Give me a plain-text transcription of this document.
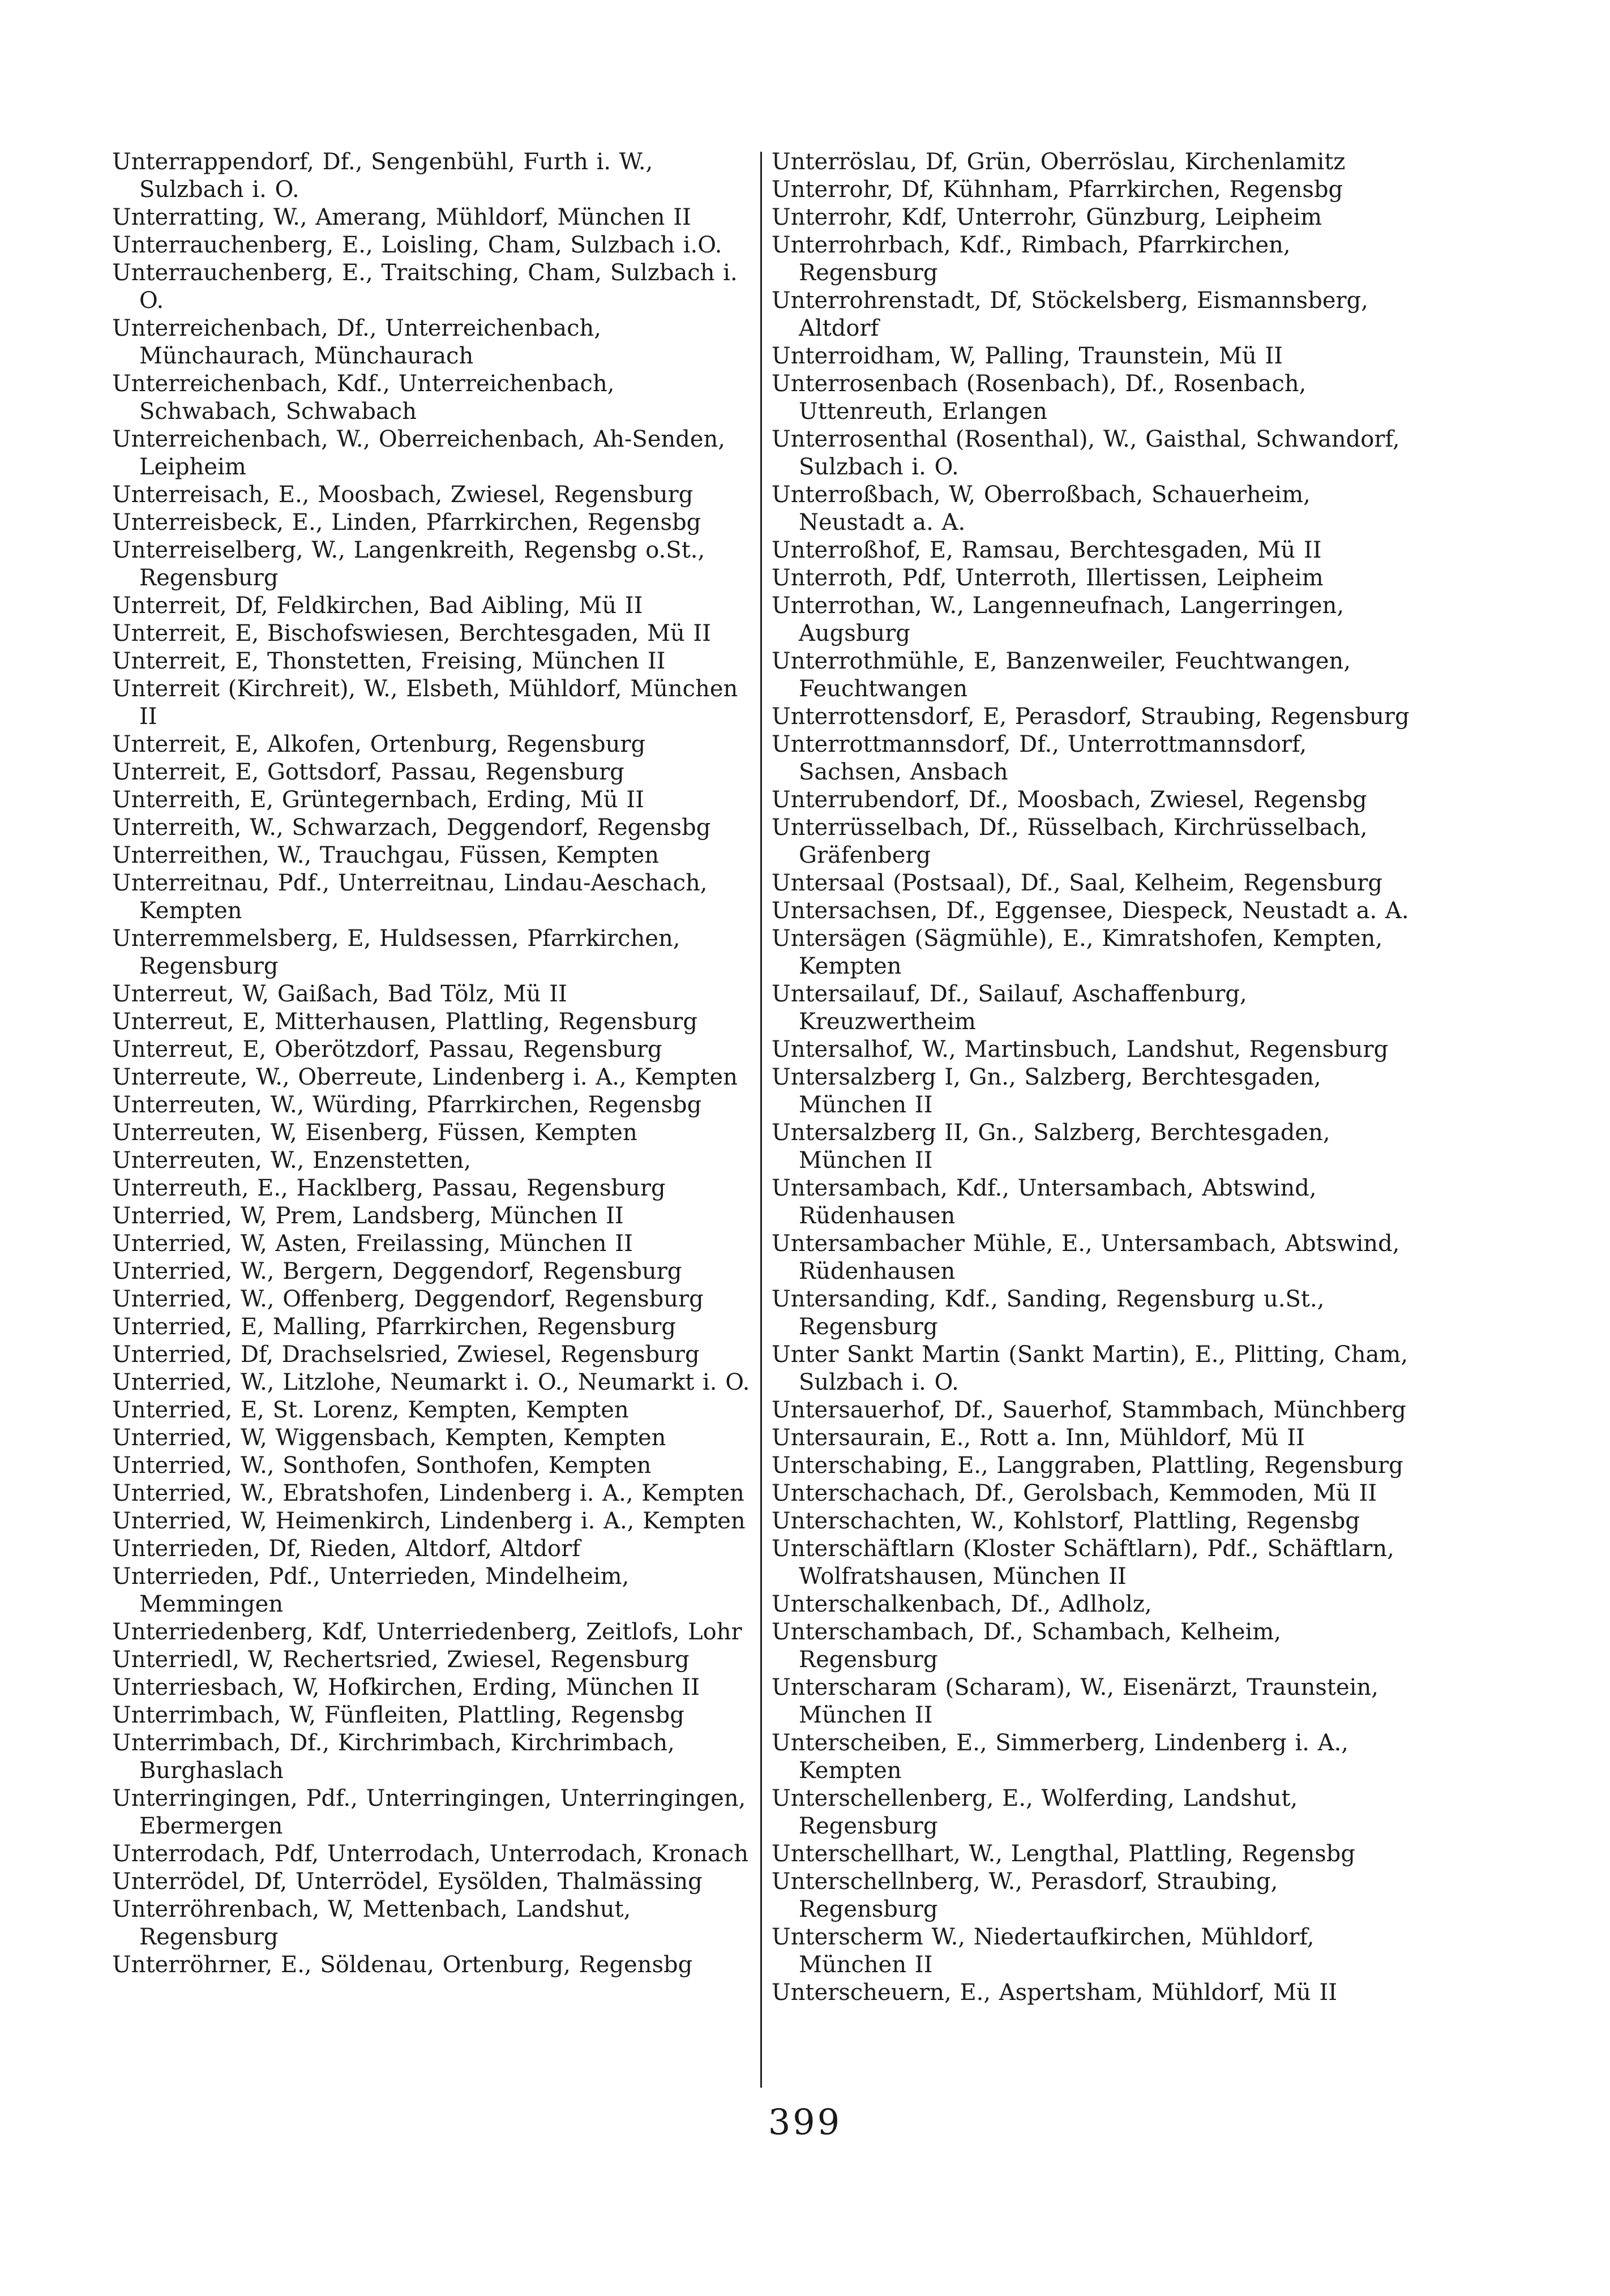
Unterrappendorf, Df., Sengenbühl, Furth i. W., Sulzbach i. O.
Unterratting, W., Amerang, Mühldorf, München II
Unterrauchenberg, E., Loisling, Cham, Sulzbach i.O.
Unterrauchenberg, E., Traitsching, Cham, Sulzbach i. O.
Unterreichenbach, Df., Unterreichenbach, Münchaurach, Münchaurach
Unterreichenbach, Kdf., Unterreichenbach, Schwabach, Schwabach
Unterreichenbach, W., Oberreichenbach, Ah-Senden, Leipheim
Unterreisach, E., Moosbach, Zwiesel, Regensburg
Unterreisbeck, E., Linden, Pfarrkirchen, Regensbg
Unterreiselberg, W., Langenkreith, Regensbg o.St., Regensburg
Unterreit, Df, Feldkirchen, Bad Aibling, Mü II
Unterreit, E, Bischofswiesen, Berchtesgaden, Mü II
Unterreit, E, Thonstetten, Freising, München II
Unterreit (Kirchreit), W., Elsbeth, Mühldorf, München II
Unterreit, E, Alkofen, Ortenburg, Regensburg
Unterreit, E, Gottsdorf, Passau, Regensburg
Unterreith, E, Grüntegernbach, Erding, Mü II
Unterreith, W., Schwarzach, Deggendorf, Regensbg
Unterreithen, W., Trauchgau, Füssen, Kempten
Unterreitnau, Pdf., Unterreitnau, Lindau-Aeschach, Kempten
Unterremmelsberg, E, Huldsessen, Pfarrkirchen, Regensburg
Unterreut, W, Gaißach, Bad Tölz, Mü II
Unterreut, E, Mitterhausen, Plattling, Regensburg
Unterreut, E, Oberötzdorf, Passau, Regensburg
Unterreute, W., Oberreute, Lindenberg i. A., Kempten
Unterreuten, W., Würding, Pfarrkirchen, Regensbg
Unterreuten, W, Eisenberg, Füssen, Kempten
Unterreuten, W., Enzenstetten,
Unterreuth, E., Hacklberg, Passau, Regensburg
Unterried, W, Prem, Landsberg, München II
Unterried, W, Asten, Freilassing, München II
Unterried, W., Bergern, Deggendorf, Regensburg
Unterried, W., Offenberg, Deggendorf, Regensburg
Unterried, E, Malling, Pfarrkirchen, Regensburg
Unterried, Df, Drachselsried, Zwiesel, Regensburg
Unterried, W., Litzlohe, Neumarkt i. O., Neumarkt i. O.
Unterried, E, St. Lorenz, Kempten, Kempten
Unterried, W, Wiggensbach, Kempten, Kempten
Unterried, W., Sonthofen, Sonthofen, Kempten
Unterried, W., Ebratshofen, Lindenberg i. A., Kempten
Unterried, W, Heimenkirch, Lindenberg i. A., Kempten
Unterrieden, Df, Rieden, Altdorf, Altdorf
Unterrieden, Pdf., Unterrieden, Mindelheim, Memmingen
Unterriedenberg, Kdf, Unterriedenberg, Zeitlofs, Lohr
Unterriedl, W, Rechertsried, Zwiesel, Regensburg
Unterriesbach, W, Hofkirchen, Erding, München II
Unterrimbach, W, Fünfleiten, Plattling, Regensbg
Unterrimbach, Df., Kirchrimbach, Kirchrimbach, Burghaslach
Unterringingen, Pdf., Unterringingen, Unterringingen, Ebermergen
Unterrodach, Pdf, Unterrodach, Unterrodach, Kronach
Unterrödel, Df, Unterrödel, Eysölden, Thalmässing
Unterröhrenbach, W, Mettenbach, Landshut, Regensburg
Unterröhrner, E., Söldenau, Ortenburg, Regensbg
Unterröslau, Df, Grün, Oberröslau, Kirchenlamitz
Unterrohr, Df, Kühnham, Pfarrkirchen, Regensbg
Unterrohr, Kdf, Unterrohr, Günzburg, Leipheim
Unterrohrbach, Kdf., Rimbach, Pfarrkirchen, Regensburg
Unterrohrenstadt, Df, Stöckelsberg, Eismannsberg, Altdorf
Unterroidham, W, Palling, Traunstein, Mü II
Unterrosenbach (Rosenbach), Df., Rosenbach, Uttenreuth, Erlangen
Unterrosenthal (Rosenthal), W., Gaisthal, Schwandorf, Sulzbach i. O.
Unterroßbach, W, Oberroßbach, Schauerheim, Neustadt a. A.
Unterroßhof, E, Ramsau, Berchtesgaden, Mü II
Unterroth, Pdf, Unterroth, Illertissen, Leipheim
Unterrothan, W., Langenneufnach, Langerringen, Augsburg
Unterrothmühle, E, Banzenweiler, Feuchtwangen, Feuchtwangen
Unterrottensdorf, E, Perasdorf, Straubing, Regensburg
Unterrottmannsdorf, Df., Unterrottmannsdorf, Sachsen, Ansbach
Unterrubendorf, Df., Moosbach, Zwiesel, Regensbg
Unterrüsselbach, Df., Rüsselbach, Kirchrüsselbach, Gräfenberg
Untersaal (Postsaal), Df., Saal, Kelheim, Regensburg
Untersachsen, Df., Eggensee, Diespeck, Neustadt a. A.
Untersägen (Sägmühle), E., Kimratshofen, Kempten, Kempten
Untersailauf, Df., Sailauf, Aschaffenburg, Kreuzwertheim
Untersalhof, W., Martinsbuch, Landshut, Regensburg
Untersalzberg I, Gn., Salzberg, Berchtesgaden, München II
Untersalzberg II, Gn., Salzberg, Berchtesgaden, München II
Untersambach, Kdf., Untersambach, Abtswind, Rüdenhausen
Untersambacher Mühle, E., Untersambach, Abtswind, Rüdenhausen
Untersanding, Kdf., Sanding, Regensburg u.St., Regensburg
Unter Sankt Martin (Sankt Martin), E., Plitting, Cham, Sulzbach i. O.
Untersauerhof, Df., Sauerhof, Stammbach, Münchberg
Untersaurain, E., Rott a. Inn, Mühldorf, Mü II
Unterschabing, E., Langgraben, Plattling, Regensburg
Unterschachach, Df., Gerolsbach, Kemmoden, Mü II
Unterschachten, W., Kohlstorf, Plattling, Regensbg
Unterschäftlarn (Kloster Schäftlarn), Pdf., Schäftlarn, Wolfratshausen, München II
Unterschalkenbach, Df., Adlholz,
Unterschambach, Df., Schambach, Kelheim, Regensburg
Unterscharam (Scharam), W., Eisenärzt, Traunstein, München II
Unterscheiben, E., Simmerberg, Lindenberg i. A., Kempten
Unterschellenberg, E., Wolferding, Landshut, Regensburg
Unterschellhart, W., Lengthal, Plattling, Regensbg
Unterschellnberg, W., Perasdorf, Straubing, Regensburg
Unterscherm W., Niedertaufkirchen, Mühldorf, München II
Unterscheuern, E., Aspertsham, Mühldorf, Mü II
399
